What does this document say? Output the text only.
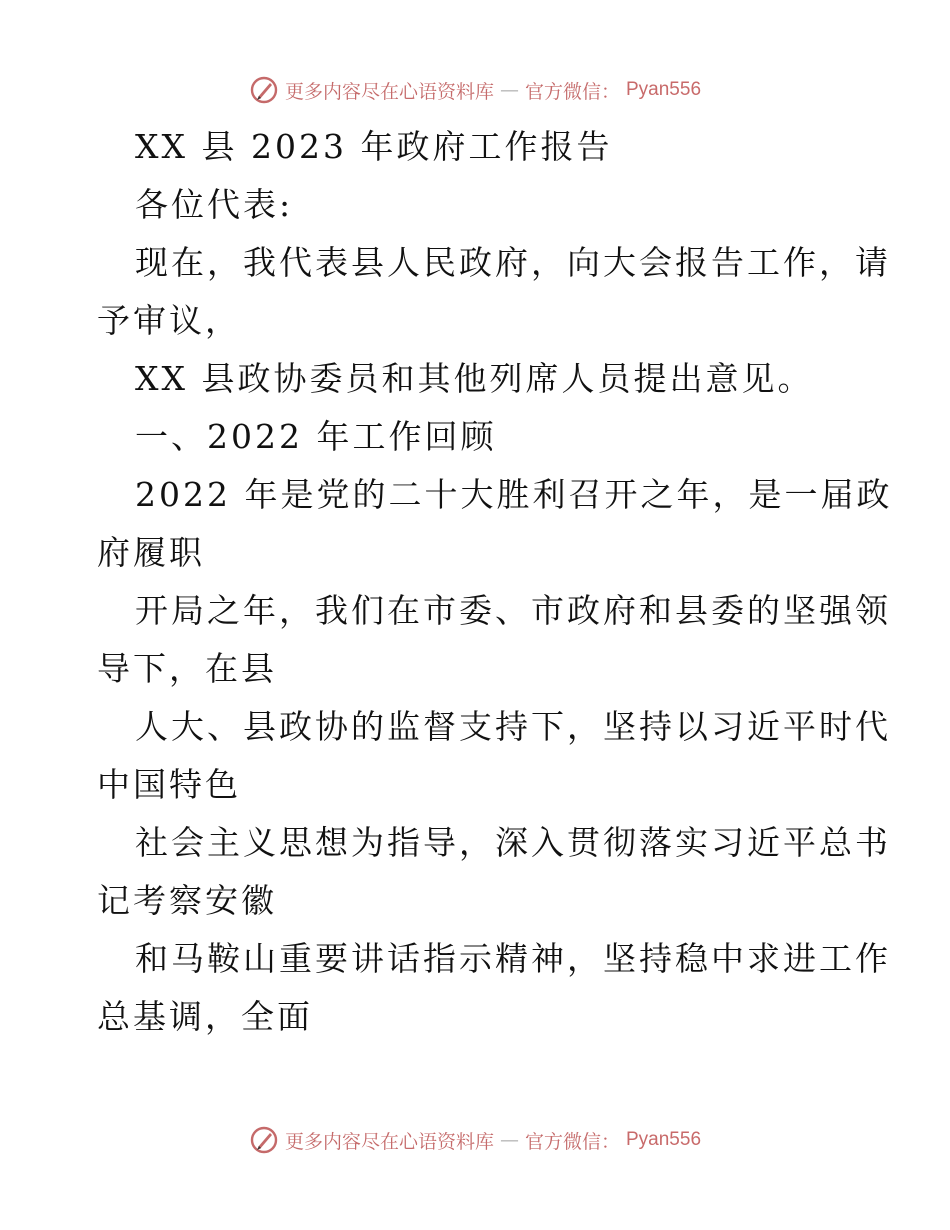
更多内容尽在心语资料库 — 官方微信： Pyan556
XX 县 2023 年政府工作报告
各位代表:
现在，我代表县人民政府，向大会报告工作，请
予审议，
XX 县政协委员和其他列席人员提出意见。
一、2022 年工作回顾
2022 年是党的二十大胜利召开之年，是一届政
府履职
开局之年，我们在市委、市政府和县委的坚强领
导下，在县
人大、县政协的监督支持下，坚持以习近平时代
中国特色
社会主义思想为指导，深入贯彻落实习近平总书
记考察安徽
和马鞍山重要讲话指示精神，坚持稳中求进工作
总基调，全面
更多内容尽在心语资料库 — 官方微信： Pyan556
